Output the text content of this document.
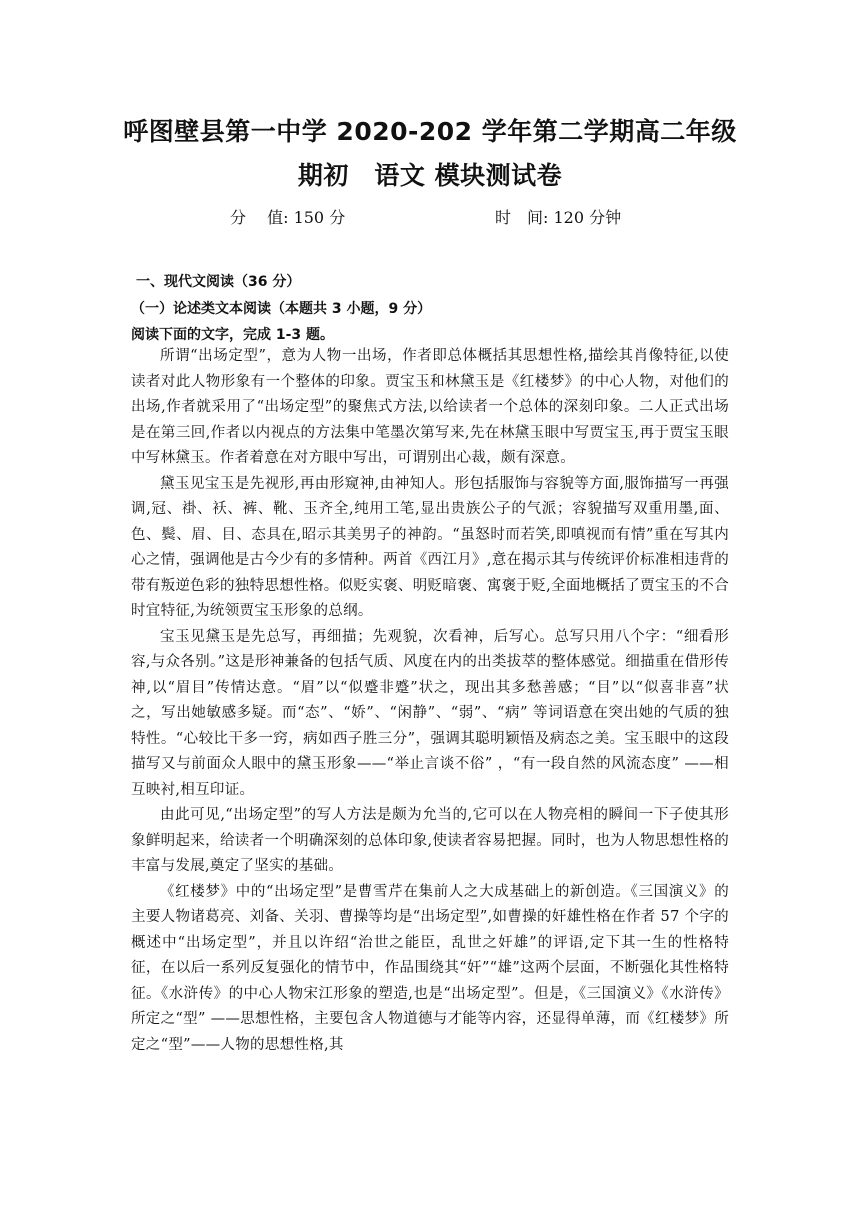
呼图壁县第一中学 2020-202 学年第二学期高二年级
期初　语文 模块测试卷
分　 值: 150 分	时　间: 120 分钟
一、现代文阅读（36 分）
（一）论述类文本阅读（本题共 3 小题，9 分）
阅读下面的文字，完成 1-3 题。

所谓“出场定型”，意为人物一出场，作者即总体概括其思想性格,描绘其肖像特征,以使读者对此人物形象有一个整体的印象。贾宝玉和林黛玉是《红楼梦》的中心人物，对他们的出场,作者就采用了“出场定型”的聚焦式方法,以给读者一个总体的深刻印象。二人正式出场是在第三回,作者以内视点的方法集中笔墨次第写来,先在林黛玉眼中写贾宝玉,再于贾宝玉眼中写林黛玉。作者着意在对方眼中写出，可谓别出心裁，颇有深意。

黛玉见宝玉是先视形,再由形窥神,由神知人。形包括服饰与容貌等方面,服饰描写一再强调,冠、褂、袄、裤、靴、玉齐全,纯用工笔,显出贵族公子的气派；容貌描写双重用墨,面、色、鬓、眉、目、态具在,昭示其美男子的神韵。“虽怒时而若笑,即嗔视而有情”重在写其内心之情，强调他是古今少有的多情种。两首《西江月》,意在揭示其与传统评价标准相违背的带有叛逆色彩的独特思想性格。似贬实褒、明贬暗褒、寓褒于贬,全面地概括了贾宝玉的不合时宜特征,为统领贾宝玉形象的总纲。

宝玉见黛玉是先总写，再细描；先观貌，次看神，后写心。总写只用八个字：“细看形容,与众各别。”这是形神兼备的包括气质、风度在内的出类拔萃的整体感觉。细描重在借形传神,以“眉目”传情达意。“眉”以“似蹙非蹙”状之，现出其多愁善感；“目”以“似喜非喜”状之，写出她敏感多疑。而“态”、“娇”、“闲静”、“弱”、“病” 等词语意在突出她的气质的独特性。“心较比干多一窍，病如西子胜三分”，强调其聪明颖悟及病态之美。宝玉眼中的这段描写又与前面众人眼中的黛玉形象——“举止言谈不俗” ，“有一段自然的风流态度” ——相互映衬,相互印证。

由此可见,“出场定型”的写人方法是颇为允当的,它可以在人物亮相的瞬间一下子使其形象鲜明起来，给读者一个明确深刻的总体印象,使读者容易把握。同时，也为人物思想性格的丰富与发展,奠定了坚实的基础。

《红楼梦》中的“出场定型”是曹雪芹在集前人之大成基础上的新创造。《三国演义》的主要人物诸葛亮、刘备、关羽、曹操等均是“出场定型”,如曹操的奸雄性格在作者 57 个字的概述中“出场定型”，并且以许绍“治世之能臣，乱世之奸雄”的评语,定下其一生的性格特征，在以后一系列反复强化的情节中，作品围绕其“奸”“雄”这两个层面，不断强化其性格特征。《水浒传》的中心人物宋江形象的塑造,也是“出场定型”。但是，《三国演义》《水浒传》所定之“型” ——思想性格，主要包含人物道德与才能等内容，还显得单薄，而《红楼梦》所定之“型”——人物的思想性格,其
